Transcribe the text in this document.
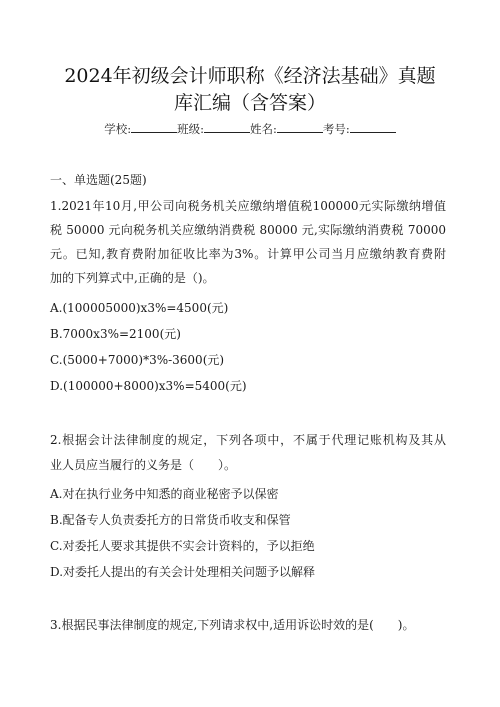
2024年初级会计师职称《经济法基础》真题
库汇编（含答案）
学校:	班级:	姓名:	考号:
一、单选题(25题)
1.2021年10月,甲公司向税务机关应缴纳增值税100000元实际缴纳增值
税 50000 元向税务机关应缴纳消费税 80000 元,实际缴纳消费税 70000
元。已知,教育费附加征收比率为3%。计算甲公司当月应缴纳教育费附
加的下列算式中,正确的是（)。
A.(100005000)x3%=4500(元)
B.7000x3%=2100(元)
C.(5000+7000)*3%-3600(元)
D.(100000+8000)x3%=5400(元)
2.根据会计法律制度的规定，下列各项中，不属于代理记账机构及其从
业人员应当履行的义务是（　　）。
A.对在执行业务中知悉的商业秘密予以保密
B.配备专人负责委托方的日常货币收支和保管
C.对委托人要求其提供不实会计资料的，予以拒绝
D.对委托人提出的有关会计处理相关问题予以解释
3.根据民事法律制度的规定,下列请求权中,适用诉讼时效的是(　　)。
